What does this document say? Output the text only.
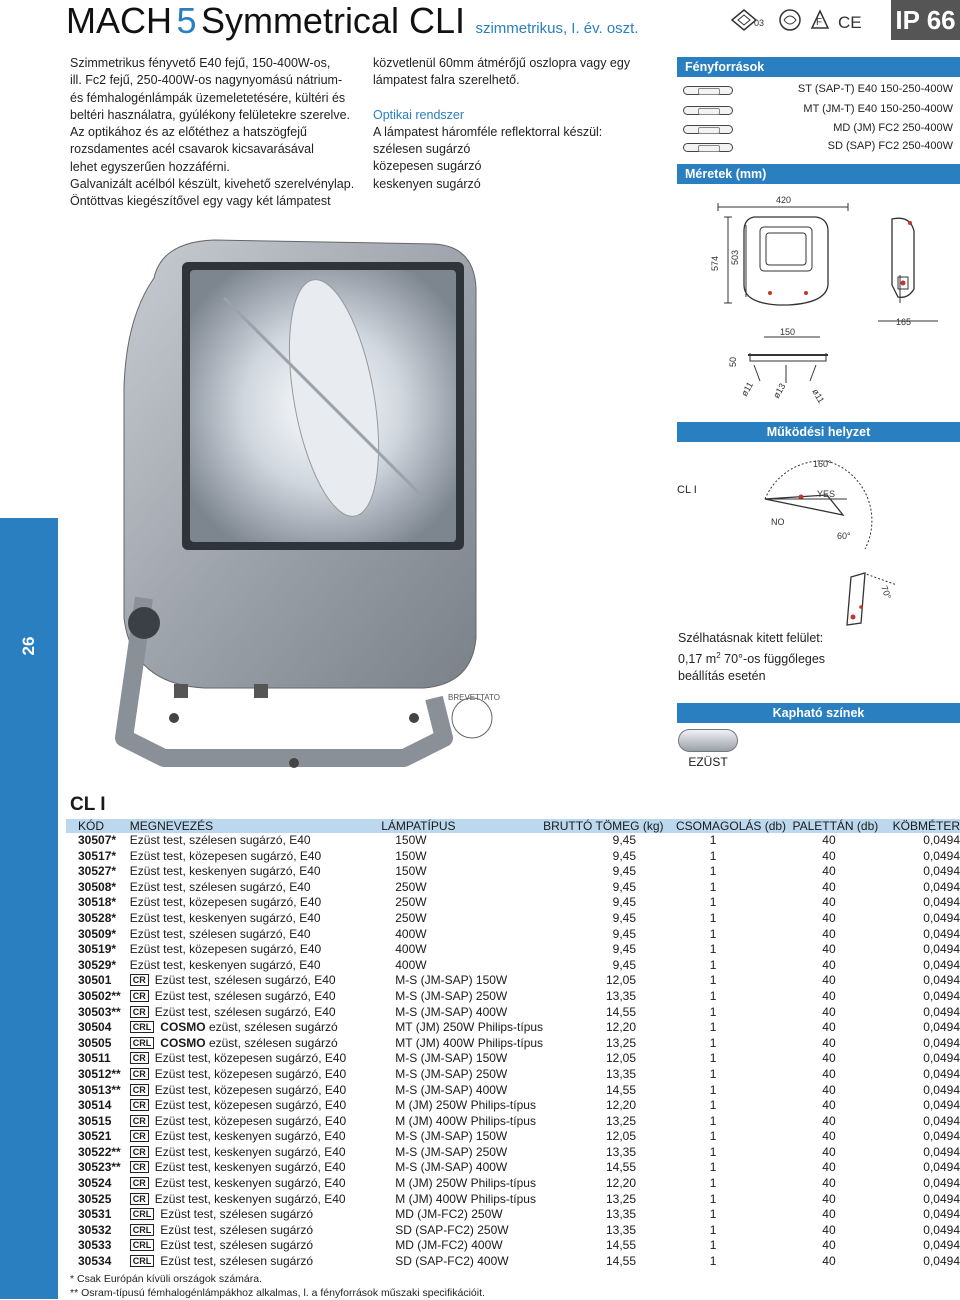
MACH 5 Symmetrical CLI szimmetrikus, I. év. oszt.	03	F CE IP 66
Szimmetrikus fényvető E40 fejű, 150-400W-os,
ill. Fc2 fejű, 250-400W-os nagynyomású nátrium-
és fémhalogénlámpák üzemeletetésére, kültéri és
beltéri használatra, gyúlékony felületekre szerelve.
Az optikához és az előtéthez a hatszögfejű
rozsdamentes acél csavarok kicsavarásával
lehet egyszerűen hozzáférni.
Galvanizált acélból készült, kivehető szerelvénylap.
Öntöttvas kiegészítővel egy vagy két lámpatest
közvetlenül 60mm átmérőjű oszlopra vagy egy
lámpatest falra szerelhető.
Optikai rendszer
A lámpatest háromféle reflektorral készül:
szélesen sugárzó
közepesen sugárzó
keskenyen sugárzó
Fényforrások
ST (SAP-T) E40 150-250-400W
MT (JM-T) E40 150-250-400W
MD (JM) FC2 250-400W
SD (SAP) FC2 250-400W
Méretek (mm)
420
574 503
150
165
50
ø11 ø13	ø11
Működési helyzet
CL I
160°
YES
NO
60°
70°
Szélhatásnak kitett felület:
0,17 $m^2$ 70°-os függőleges
beállítás esetén
Kapható színek
EZÜST
26
BREVETTATO
CL I
KÓD	MEGNEVEZÉS	LÁMPATÍPUS	BRUTTÓ TÖMEG (kg)	CSOMAGOLÁS (db)	PALETTÁN (db)	KÖBMÉTER
30507*	Ezüst test, szélesen sugárzó, E40	150W	9,45	1	40	0,0494
30517*	Ezüst test, közepesen sugárzó, E40	150W	9,45	1	40	0,0494
30527*	Ezüst test, keskenyen sugárzó, E40	150W	9,45	1	40	0,0494
30508*	Ezüst test, szélesen sugárzó, E40	250W	9,45	1	40	0,0494
30518*	Ezüst test, közepesen sugárzó, E40	250W	9,45	1	40	0,0494
30528*	Ezüst test, keskenyen sugárzó, E40	250W	9,45	1	40	0,0494
30509*	Ezüst test, szélesen sugárzó, E40	400W	9,45	1	40	0,0494
30519*	Ezüst test, közepesen sugárzó, E40	400W	9,45	1	40	0,0494
30529*	Ezüst test, keskenyen sugárzó, E40	400W	9,45	1	40	0,0494
30501	CR Ezüst test, szélesen sugárzó, E40	M-S (JM-SAP) 150W	12,05	1	40	0,0494
30502**	CR Ezüst test, szélesen sugárzó, E40	M-S (JM-SAP) 250W	13,35	1	40	0,0494
30503**	CR Ezüst test, szélesen sugárzó, E40	M-S (JM-SAP) 400W	14,55	1	40	0,0494
30504	CRL COSMO ezüst, szélesen sugárzó	MT (JM) 250W Philips-típus	12,20	1	40	0,0494
30505	CRL COSMO ezüst, szélesen sugárzó	MT (JM) 400W Philips-típus	13,25	1	40	0,0494
30511	CR Ezüst test, közepesen sugárzó, E40	M-S (JM-SAP) 150W	12,05	1	40	0,0494
30512**	CR Ezüst test, közepesen sugárzó, E40	M-S (JM-SAP) 250W	13,35	1	40	0,0494
30513**	CR Ezüst test, közepesen sugárzó, E40	M-S (JM-SAP) 400W	14,55	1	40	0,0494
30514	CR Ezüst test, közepesen sugárzó, E40	M (JM) 250W Philips-típus	12,20	1	40	0,0494
30515	CR Ezüst test, közepesen sugárzó, E40	M (JM) 400W Philips-típus	13,25	1	40	0,0494
30521	CR Ezüst test, keskenyen sugárzó, E40	M-S (JM-SAP) 150W	12,05	1	40	0,0494
30522**	CR Ezüst test, keskenyen sugárzó, E40	M-S (JM-SAP) 250W	13,35	1	40	0,0494
30523**	CR Ezüst test, keskenyen sugárzó, E40	M-S (JM-SAP) 400W	14,55	1	40	0,0494
30524	CR Ezüst test, keskenyen sugárzó, E40	M (JM) 250W Philips-típus	12,20	1	40	0,0494
30525	CR Ezüst test, keskenyen sugárzó, E40	M (JM) 400W Philips-típus	13,25	1	40	0,0494
30531	CRL Ezüst test, szélesen sugárzó	MD (JM-FC2) 250W	13,35	1	40	0,0494
30532	CRL Ezüst test, szélesen sugárzó	SD (SAP-FC2) 250W	13,35	1	40	0,0494
30533	CRL Ezüst test, szélesen sugárzó	MD (JM-FC2) 400W	14,55	1	40	0,0494
30534	CRL Ezüst test, szélesen sugárzó	SD (SAP-FC2) 400W	14,55	1	40	0,0494
* Csak Európán kívüli országok számára.
** Osram-típusú fémhalogénlámpákhoz alkalmas, l. a fényforrások műszaki specifikációit.
